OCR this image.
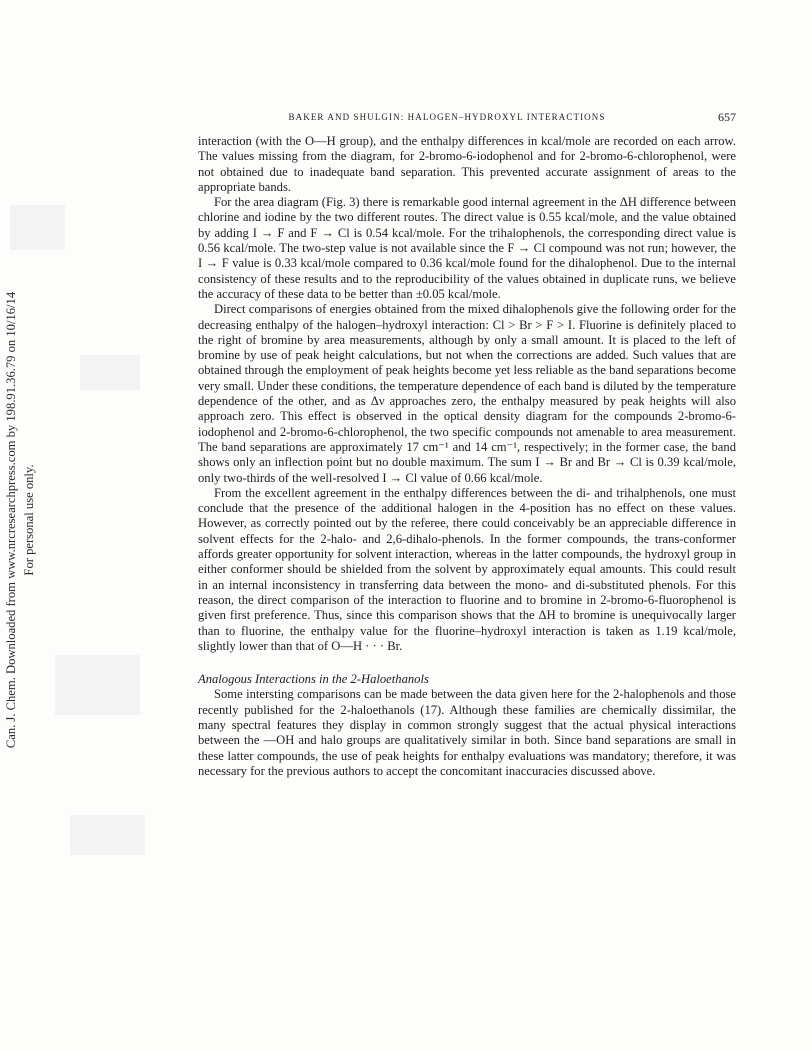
Can. J. Chem. Downloaded from www.nrcresearchpress.com by 198.91.36.79 on 10/16/14 For personal use only.
BAKER AND SHULGIN: HALOGEN–HYDROXYL INTERACTIONS	657

interaction (with the O—H group), and the enthalpy differences in kcal/mole are recorded on each arrow. The values missing from the diagram, for 2-bromo-6-iodophenol and for 2-bromo-6-chlorophenol, were not obtained due to inadequate band separation. This prevented accurate assignment of areas to the appropriate bands.

For the area diagram (Fig. 3) there is remarkable good internal agreement in the ΔH difference between chlorine and iodine by the two different routes. The direct value is 0.55 kcal/mole, and the value obtained by adding I → F and F → Cl is 0.54 kcal/mole. For the trihalophenols, the corresponding direct value is 0.56 kcal/mole. The two-step value is not available since the F → Cl compound was not run; however, the I → F value is 0.33 kcal/mole compared to 0.36 kcal/mole found for the dihalophenol. Due to the internal consistency of these results and to the reproducibility of the values obtained in duplicate runs, we believe the accuracy of these data to be better than ±0.05 kcal/mole.

Direct comparisons of energies obtained from the mixed dihalophenols give the following order for the decreasing enthalpy of the halogen–hydroxyl interaction: Cl > Br > F > I. Fluorine is definitely placed to the right of bromine by area measurements, although by only a small amount. It is placed to the left of bromine by use of peak height calculations, but not when the corrections are added. Such values that are obtained through the employment of peak heights become yet less reliable as the band separations become very small. Under these conditions, the temperature dependence of each band is diluted by the temperature dependence of the other, and as Δν approaches zero, the enthalpy measured by peak heights will also approach zero. This effect is observed in the optical density diagram for the compounds 2-bromo-6-iodophenol and 2-bromo-6-chlorophenol, the two specific compounds not amenable to area measurement. The band separations are approximately 17 cm⁻¹ and 14 cm⁻¹, respectively; in the former case, the band shows only an inflection point but no double maximum. The sum I → Br and Br → Cl is 0.39 kcal/mole, only two-thirds of the well-resolved I → Cl value of 0.66 kcal/mole.

From the excellent agreement in the enthalpy differences between the di- and trihalphenols, one must conclude that the presence of the additional halogen in the 4-position has no effect on these values. However, as correctly pointed out by the referee, there could conceivably be an appreciable difference in solvent effects for the 2-halo- and 2,6-dihalo-phenols. In the former compounds, the trans-conformer affords greater opportunity for solvent interaction, whereas in the latter compounds, the hydroxyl group in either conformer should be shielded from the solvent by approximately equal amounts. This could result in an internal inconsistency in transferring data between the mono- and di-substituted phenols. For this reason, the direct comparison of the interaction to fluorine and to bromine in 2-bromo-6-fluorophenol is given first preference. Thus, since this comparison shows that the ΔH to bromine is unequivocally larger than to fluorine, the enthalpy value for the fluorine–hydroxyl interaction is taken as 1.19 kcal/mole, slightly lower than that of O—H · · · Br.

Analogous Interactions in the 2-Haloethanols

Some intersting comparisons can be made between the data given here for the 2-halophenols and those recently published for the 2-haloethanols (17). Although these families are chemically dissimilar, the many spectral features they display in common strongly suggest that the actual physical interactions between the —OH and halo groups are qualitatively similar in both. Since band separations are small in these latter compounds, the use of peak heights for enthalpy evaluations was mandatory; therefore, it was necessary for the previous authors to accept the concomitant inaccuracies discussed above.
